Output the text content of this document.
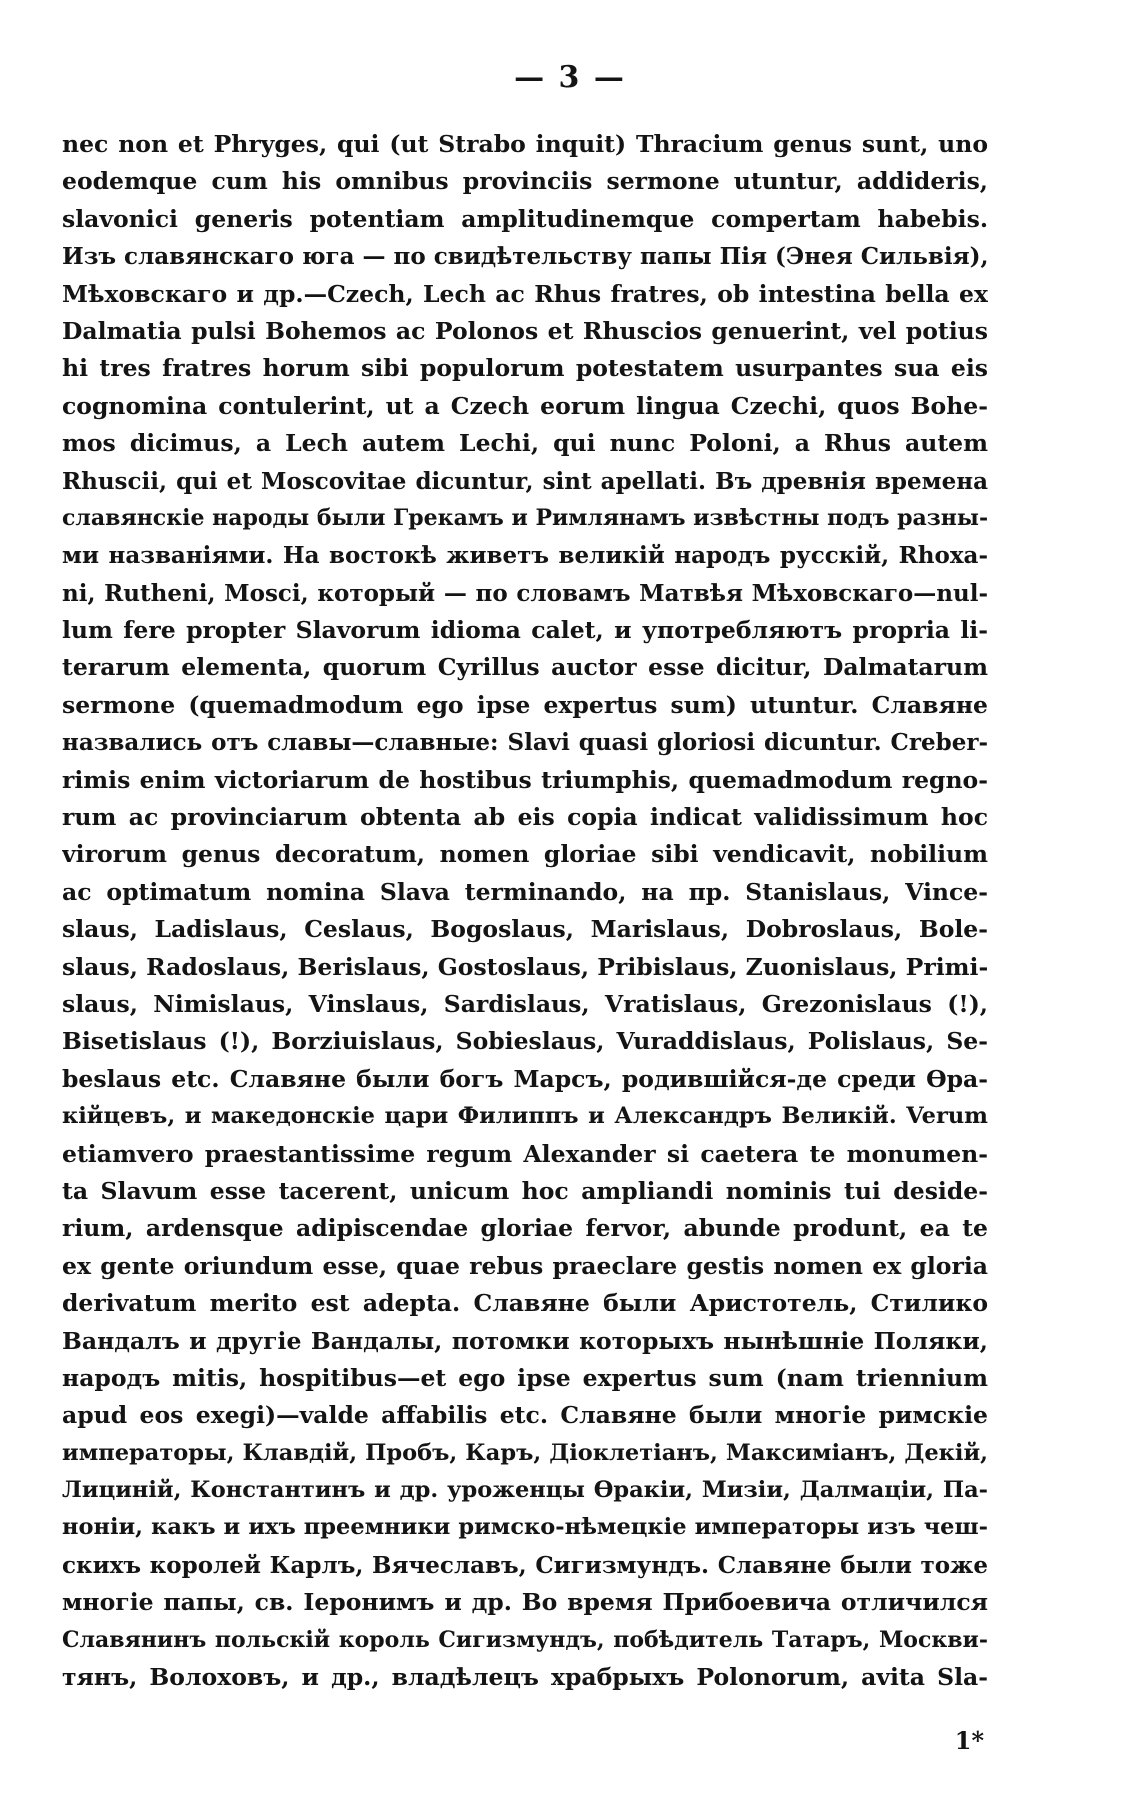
— 3 —
nec non et Phryges, qui (ut Strabo inquit) Thracium genus sunt, uno
eodemque cum his omnibus provinciis sermone utuntur, addideris,
slavonici generis potentiam amplitudinemque compertam habebis.
Изъ славянскаго юга — по свидѣтельству папы Пія (Энея Сильвія),
Мѣховскаго и др.—Czech, Lech ac Rhus fratres, ob intestina bella ex
Dalmatia pulsi Bohemos ac Polonos et Rhuscios genuerint, vel potius
hi tres fratres horum sibi populorum potestatem usurpantes sua eis
cognomina contulerint, ut a Czech eorum lingua Czechi, quos Bohe-
mos dicimus, a Lech autem Lechi, qui nunc Poloni, a Rhus autem
Rhuscii, qui et Moscovitae dicuntur, sint apellati. Въ древнія времена
славянскіе народы были Грекамъ и Римлянамъ извѣстны подъ разны-
ми названіями. На востокѣ живетъ великій народъ русскій, Rhoxa-
ni, Rutheni, Mosci, который — по словамъ Матвѣя Мѣховскаго—nul-
lum fere propter Slavorum idioma calet, и употребляютъ propria li-
terarum elementa, quorum Cyrillus auctor esse dicitur, Dalmatarum
sermone (quemadmodum ego ipse expertus sum) utuntur. Славяне
назвались отъ славы—славные: Slavi quasi gloriosi dicuntur. Creber-
rimis enim victoriarum de hostibus triumphis, quemadmodum regno-
rum ac provinciarum obtenta ab eis copia indicat validissimum hoc
virorum genus decoratum, nomen gloriae sibi vendicavit, nobilium
ac optimatum nomina Slava terminando, на пр. Stanislaus, Vince-
slaus, Ladislaus, Ceslaus, Bogoslaus, Marislaus, Dobroslaus, Bole-
slaus, Radoslaus, Berislaus, Gostoslaus, Pribislaus, Zuonislaus, Primi-
slaus, Nimislaus, Vinslaus, Sardislaus, Vratislaus, Grezonislaus (!),
Bisetislaus (!), Borziuislaus, Sobieslaus, Vuraddislaus, Polislaus, Se-
beslaus etc. Славяне были богъ Марсъ, родившійся-де среди Өра-
кійцевъ, и македонскіе цари Филиппъ и Александръ Великій. Verum
etiamvero praestantissime regum Alexander si caetera te monumen-
ta Slavum esse tacerent, unicum hoc ampliandi nominis tui deside-
rium, ardensque adipiscendae gloriae fervor, abunde produnt, ea te
ex gente oriundum esse, quae rebus praeclare gestis nomen ex gloria
derivatum merito est adepta. Славяне были Аристотель, Стилико
Вандалъ и другіе Вандалы, потомки которыхъ нынѣшніе Поляки,
народъ mitis, hospitibus—et ego ipse expertus sum (nam triennium
apud eos exegi)—valde affabilis etc. Славяне были многіе римскіе
императоры, Клавдій, Пробъ, Каръ, Діоклетіанъ, Максиміанъ, Декій,
Лициній, Константинъ и др. уроженцы Өракіи, Мизіи, Далмаціи, Па-
ноніи, какъ и ихъ преемники римско-нѣмецкіе императоры изъ чеш-
скихъ королей Карлъ, Вячеславъ, Сигизмундъ. Славяне были тоже
многіе папы, св. Іеронимъ и др. Во время Прибоевича отличился
Славянинъ польскій король Сигизмундъ, побѣдитель Татаръ, Москви-
тянъ, Волоховъ, и др., владѣлецъ храбрыхъ Polonorum, avita Sla-
1*
